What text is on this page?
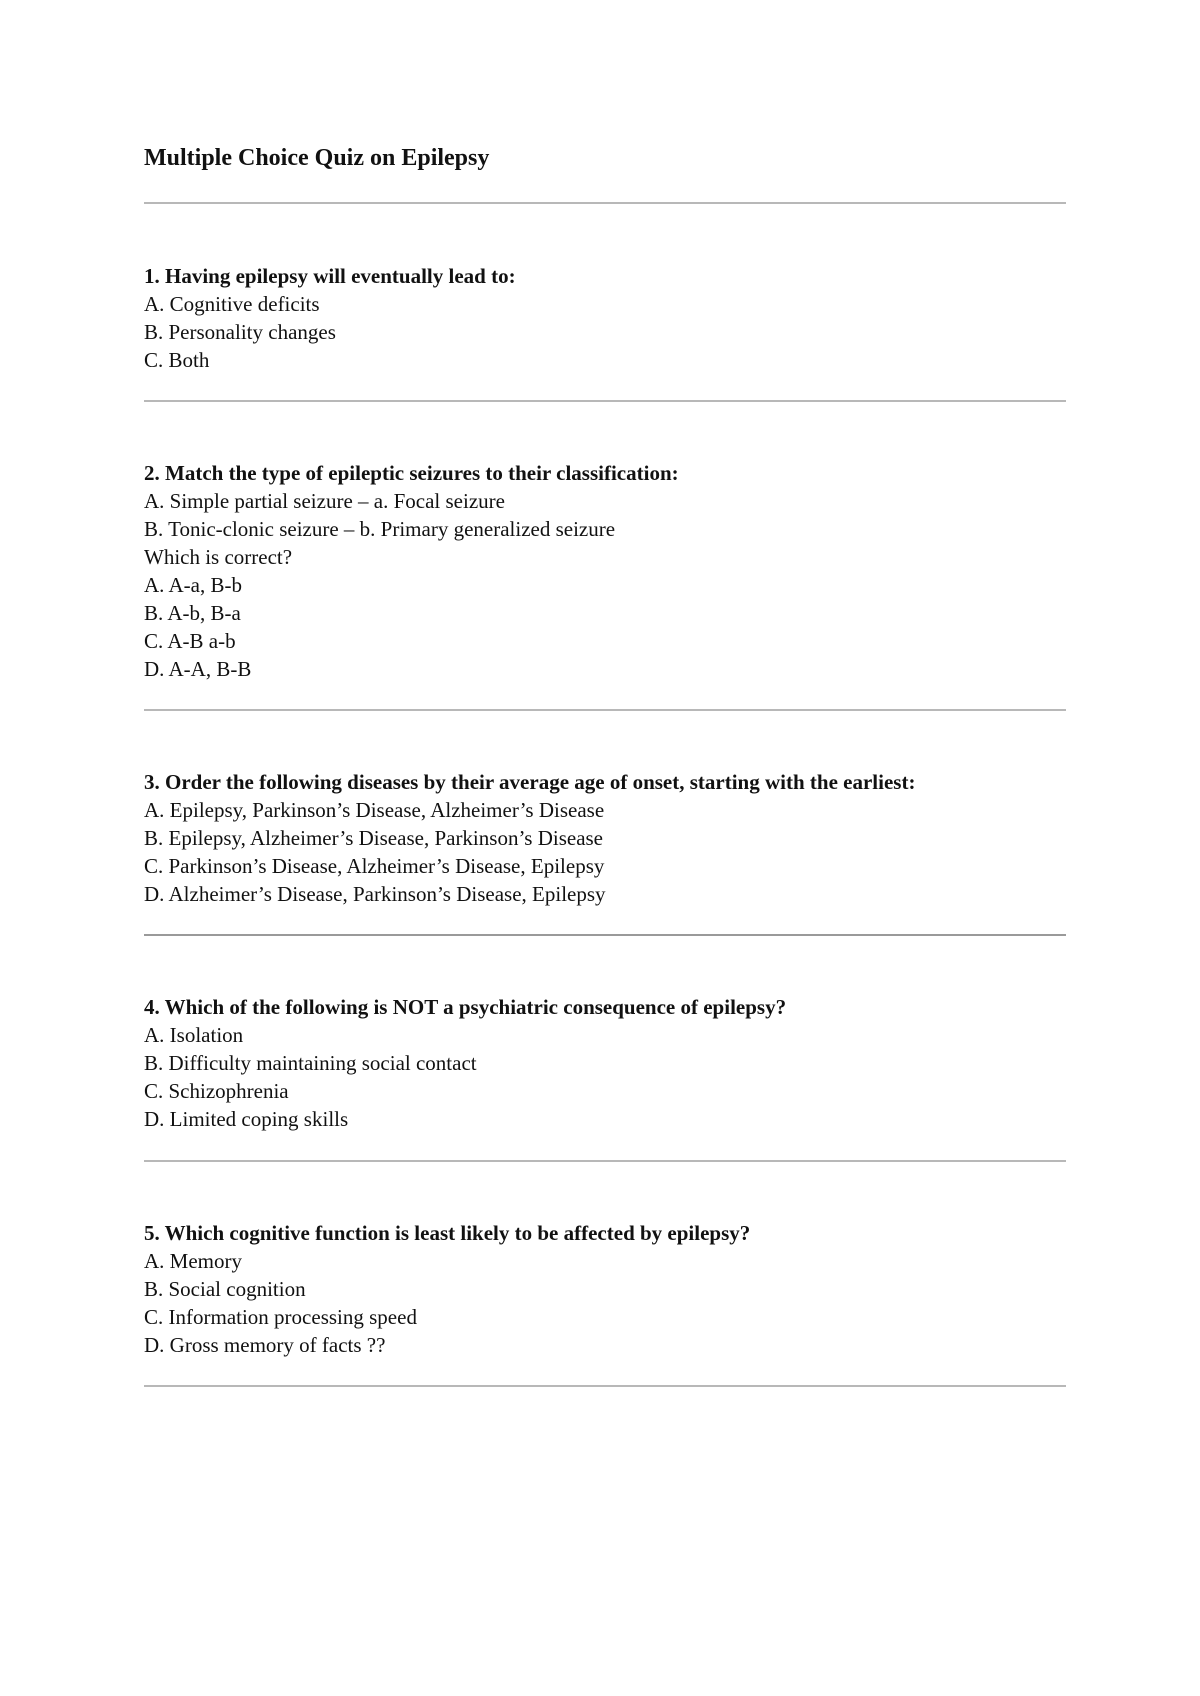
Multiple Choice Quiz on Epilepsy

1. Having epilepsy will eventually lead to:

A. Cognitive deficits

B. Personality changes

C. Both

2. Match the type of epileptic seizures to their classification:

A. Simple partial seizure – a. Focal seizure

B. Tonic-clonic seizure – b. Primary generalized seizure

Which is correct?

A. A-a, B-b

B. A-b, B-a

C. A-B a-b

D. A-A, B-B

3. Order the following diseases by their average age of onset, starting with the earliest:

A. Epilepsy, Parkinson’s Disease, Alzheimer’s Disease

B. Epilepsy, Alzheimer’s Disease, Parkinson’s Disease

C. Parkinson’s Disease, Alzheimer’s Disease, Epilepsy

D. Alzheimer’s Disease, Parkinson’s Disease, Epilepsy

4. Which of the following is NOT a psychiatric consequence of epilepsy?

A. Isolation

B. Difficulty maintaining social contact

C. Schizophrenia

D. Limited coping skills

5. Which cognitive function is least likely to be affected by epilepsy?

A. Memory

B. Social cognition

C. Information processing speed

D. Gross memory of facts ??
